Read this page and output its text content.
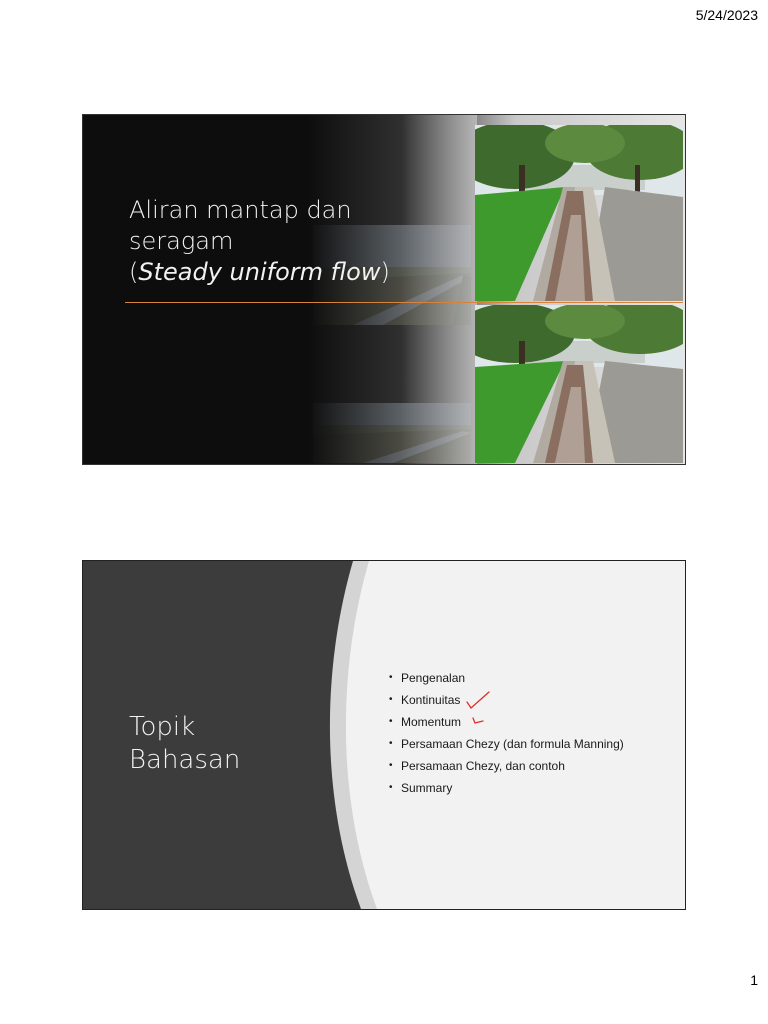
5/24/2023
Aliran mantap dan
seragam
(Steady uniform flow)
Topik
Bahasan
• Pengenalan
• Kontinuitas
• Momentum
• Persamaan Chezy (dan formula Manning)
• Persamaan Chezy, dan contoh
• Summary
1
